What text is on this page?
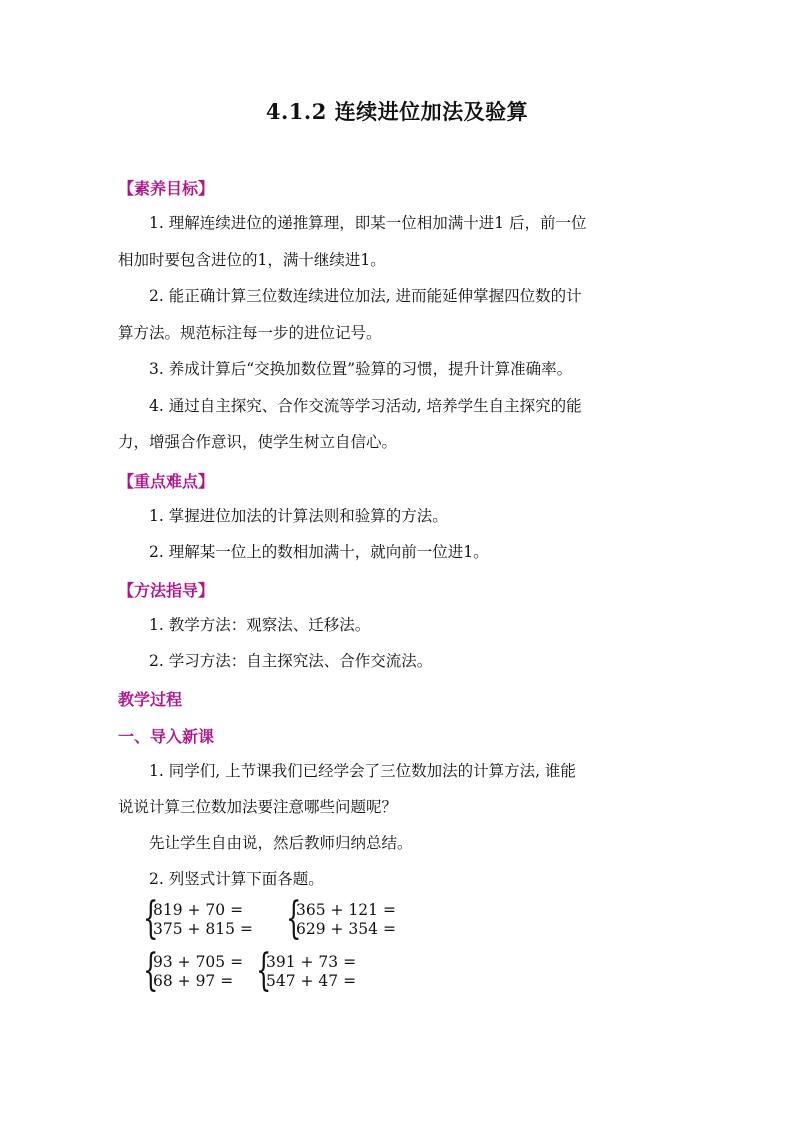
4.1.2 连续进位加法及验算
【素养目标】
1. 理解连续进位的递推算理，即某一位相加满十进1 后，前一位
相加时要包含进位的1，满十继续进1。
2. 能正确计算三位数连续进位加法, 进而能延伸掌握四位数的计
算方法。规范标注每一步的进位记号。
3. 养成计算后“交换加数位置”验算的习惯，提升计算准确率。
4. 通过自主探究、合作交流等学习活动, 培养学生自主探究的能
力，增强合作意识，使学生树立自信心。
【重点难点】
1. 掌握进位加法的计算法则和验算的方法。
2. 理解某一位上的数相加满十，就向前一位进1。
【方法指导】
1. 教学方法：观察法、迁移法。
2. 学习方法：自主探究法、合作交流法。
教学过程
一、导入新课
1. 同学们, 上节课我们已经学会了三位数加法的计算方法, 谁能
说说计算三位数加法要注意哪些问题呢？
先让学生自由说，然后教师归纳总结。
2. 列竖式计算下面各题。
{
819 + 70 =
375 + 815 = {
365 + 121 =
629 + 354 =
{
93 + 705 =
68 + 97 = {
391 + 73 =
547 + 47 =
